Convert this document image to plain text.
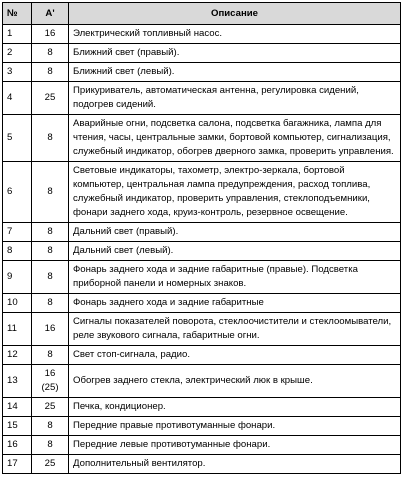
№	A'	Описание
1	16	Электрический топливный насос.
2	8	Ближний свет (правый).
3	8	Ближний свет (левый).
4	25	Прикуриватель, автоматическая антенна, регулировка сидений, подогрев сидений.
5	8	Аварийные огни, подсветка салона, подсветка багажника, лампа для чтения, часы, центральные замки, бортовой компьютер, сигнализация, служебный индикатор, обогрев дверного замка, проверить управления.
6	8	Световые индикаторы, тахометр, электро-зеркала, бортовой компьютер, центральная лампа предупреждения, расход топлива, служебный индикатор, проверить управления, стеклоподъемники, фонари заднего хода, круиз-контроль, резервное освещение.
7	8	Дальний свет (правый).
8	8	Дальний свет (левый).
9	8	Фонарь заднего хода и задние габаритные (правые). Подсветка приборной панели и номерных знаков.
10	8	Фонарь заднего хода и задние габаритные
11	16	Сигналы показателей поворота, стеклоочистители и стеклоомыватели, реле звукового сигнала, габаритные огни.
12	8	Свет стоп-сигнала, радио.
13	16 (25)	Обогрев заднего стекла, электрический люк в крыше.
14	25	Печка, кондиционер.
15	8	Передние правые противотуманные фонари.
16	8	Передние левые противотуманные фонари.
17	25	Дополнительный вентилятор.
